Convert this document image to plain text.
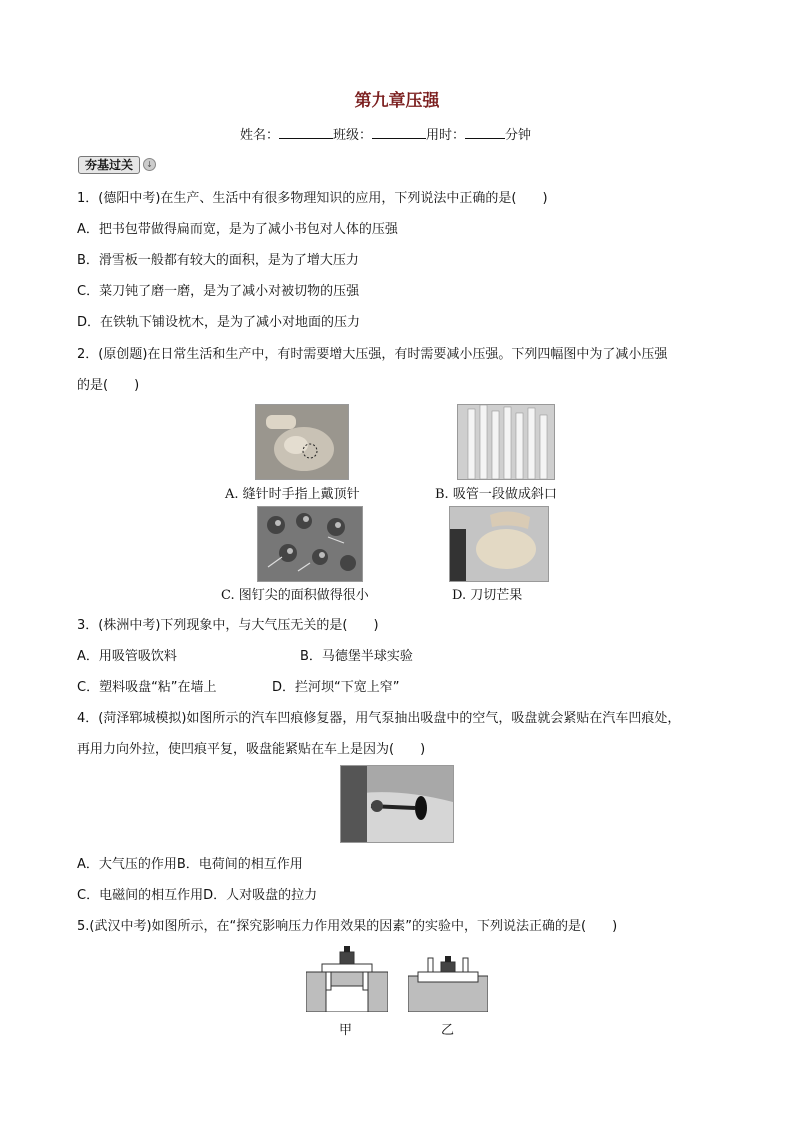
第九章压强
姓名：	班级：	用时：	分钟
夯基过关	↓
1．(德阳中考)在生产、生活中有很多物理知识的应用，下列说法中正确的是(　　)
A．把书包带做得扁而宽，是为了减小书包对人体的压强
B．滑雪板一般都有较大的面积，是为了增大压力
C．菜刀钝了磨一磨，是为了减小对被切物的压强
D．在铁轨下铺设枕木，是为了减小对地面的压力
2．(原创题)在日常生活和生产中，有时需要增大压强，有时需要减小压强。下列四幅图中为了减小压强
的是(　　)
A. 缝针时手指上戴顶针	B. 吸管一段做成斜口
C. 图钉尖的面积做得很小	D. 刀切芒果
3．(株洲中考)下列现象中，与大气压无关的是(　　)
A．用吸管吸饮料	B．马德堡半球实验
C．塑料吸盘“粘”在墙上	D．拦河坝“下宽上窄”
4．(菏泽郓城模拟)如图所示的汽车凹痕修复器，用气泵抽出吸盘中的空气，吸盘就会紧贴在汽车凹痕处，
再用力向外拉，使凹痕平复，吸盘能紧贴在车上是因为(　　)
A．大气压的作用B．电荷间的相互作用
C．电磁间的相互作用D．人对吸盘的拉力
5.(武汉中考)如图所示，在“探究影响压力作用效果的因素”的实验中，下列说法正确的是(　　)
甲	乙
